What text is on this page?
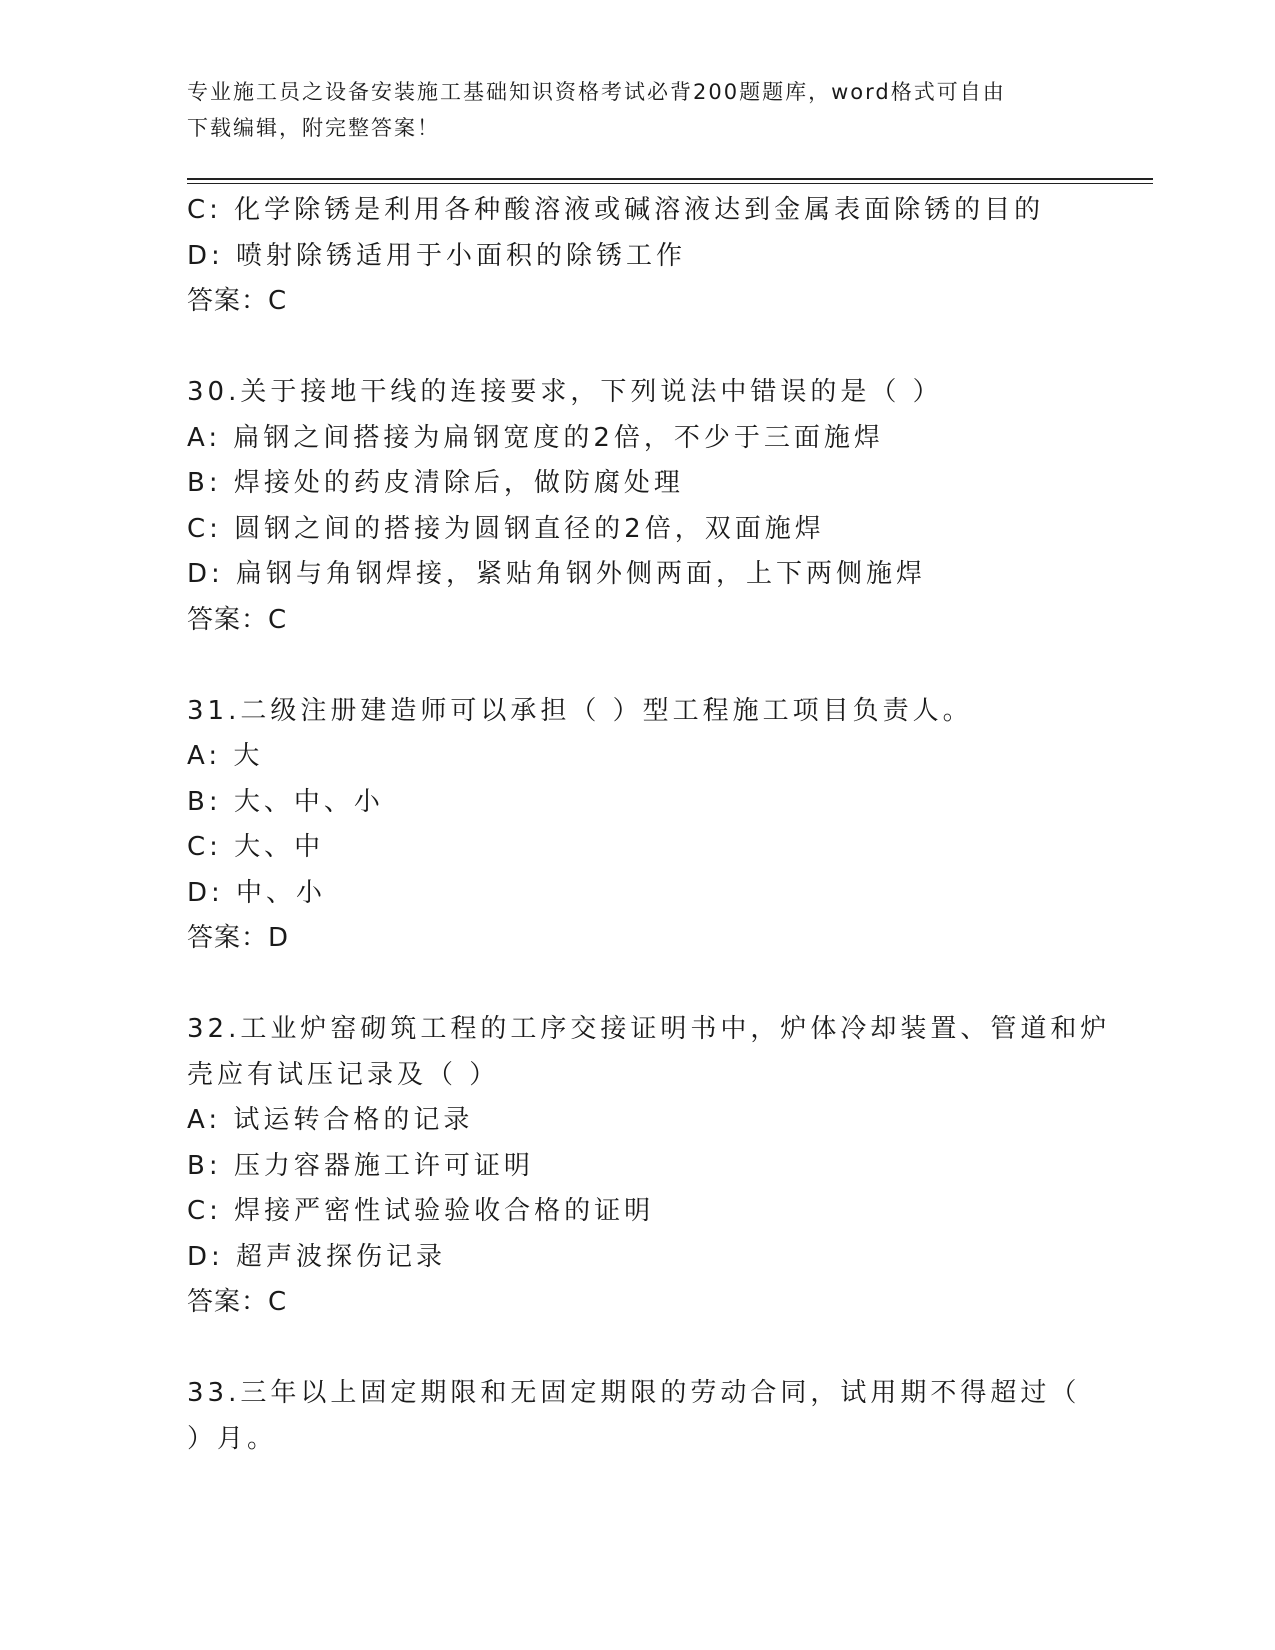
专业施工员之设备安装施工基础知识资格考试必背200题题库，word格式可自由
下载编辑，附完整答案！
C: 化学除锈是利用各种酸溶液或碱溶液达到金属表面除锈的目的
D: 喷射除锈适用于小面积的除锈工作
答案：C
30.关于接地干线的连接要求，下列说法中错误的是（ ）
A: 扁钢之间搭接为扁钢宽度的2倍，不少于三面施焊
B: 焊接处的药皮清除后，做防腐处理
C: 圆钢之间的搭接为圆钢直径的2倍，双面施焊
D: 扁钢与角钢焊接，紧贴角钢外侧两面，上下两侧施焊
答案：C
31.二级注册建造师可以承担（ ）型工程施工项目负责人。
A: 大
B: 大、中、小
C: 大、中
D: 中、小
答案：D
32.工业炉窑砌筑工程的工序交接证明书中，炉体冷却装置、管道和炉
壳应有试压记录及（ ）
A: 试运转合格的记录
B: 压力容器施工许可证明
C: 焊接严密性试验验收合格的证明
D: 超声波探伤记录
答案：C
33.三年以上固定期限和无固定期限的劳动合同，试用期不得超过（
）月。
